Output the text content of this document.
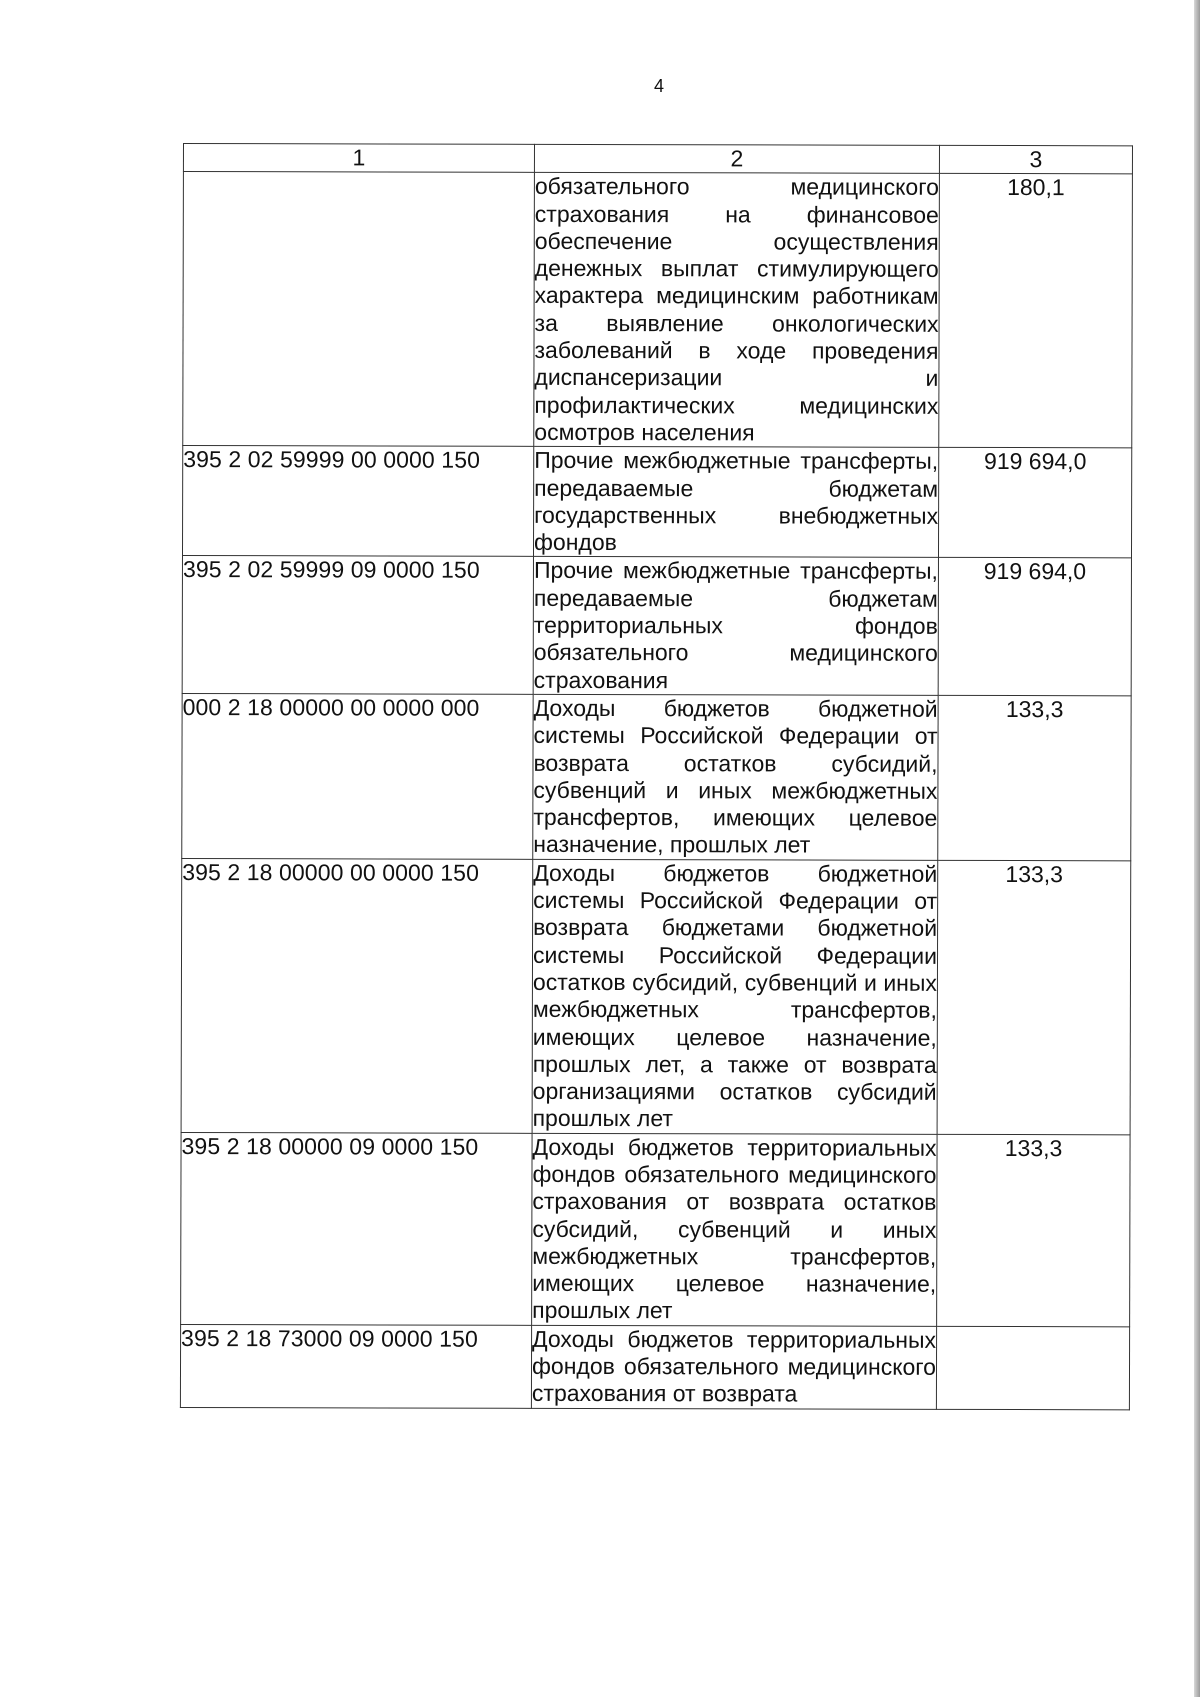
4
1	2	3
	обязательного медицинского страхования на финансовое обеспечение осуществления денежных выплат стимулирующего характера медицинским работникам за выявление онкологических заболеваний в ходе проведения диспансеризации и профилактических медицинских осмотров населения	180,1
395 2 02 59999 00 0000 150	Прочие межбюджетные трансферты, передаваемые бюджетам государственных внебюджетных фондов	919 694,0
395 2 02 59999 09 0000 150	Прочие межбюджетные трансферты, передаваемые бюджетам территориальных фондов обязательного медицинского страхования	919 694,0
000 2 18 00000 00 0000 000	Доходы бюджетов бюджетной системы Российской Федерации от возврата остатков субсидий, субвенций и иных межбюджетных трансфертов, имеющих целевое назначение, прошлых лет	133,3
395 2 18 00000 00 0000 150	Доходы бюджетов бюджетной системы Российской Федерации от возврата бюджетами бюджетной системы Российской Федерации остатков субсидий, субвенций и иных межбюджетных трансфертов, имеющих целевое назначение, прошлых лет, а также от возврата организациями остатков субсидий прошлых лет	133,3
395 2 18 00000 09 0000 150	Доходы бюджетов территориальных фондов обязательного медицинского страхования от возврата остатков субсидий, субвенций и иных межбюджетных трансфертов, имеющих целевое назначение, прошлых лет	133,3
395 2 18 73000 09 0000 150	Доходы бюджетов территориальных фондов обязательного медицинского страхования от возврата	
